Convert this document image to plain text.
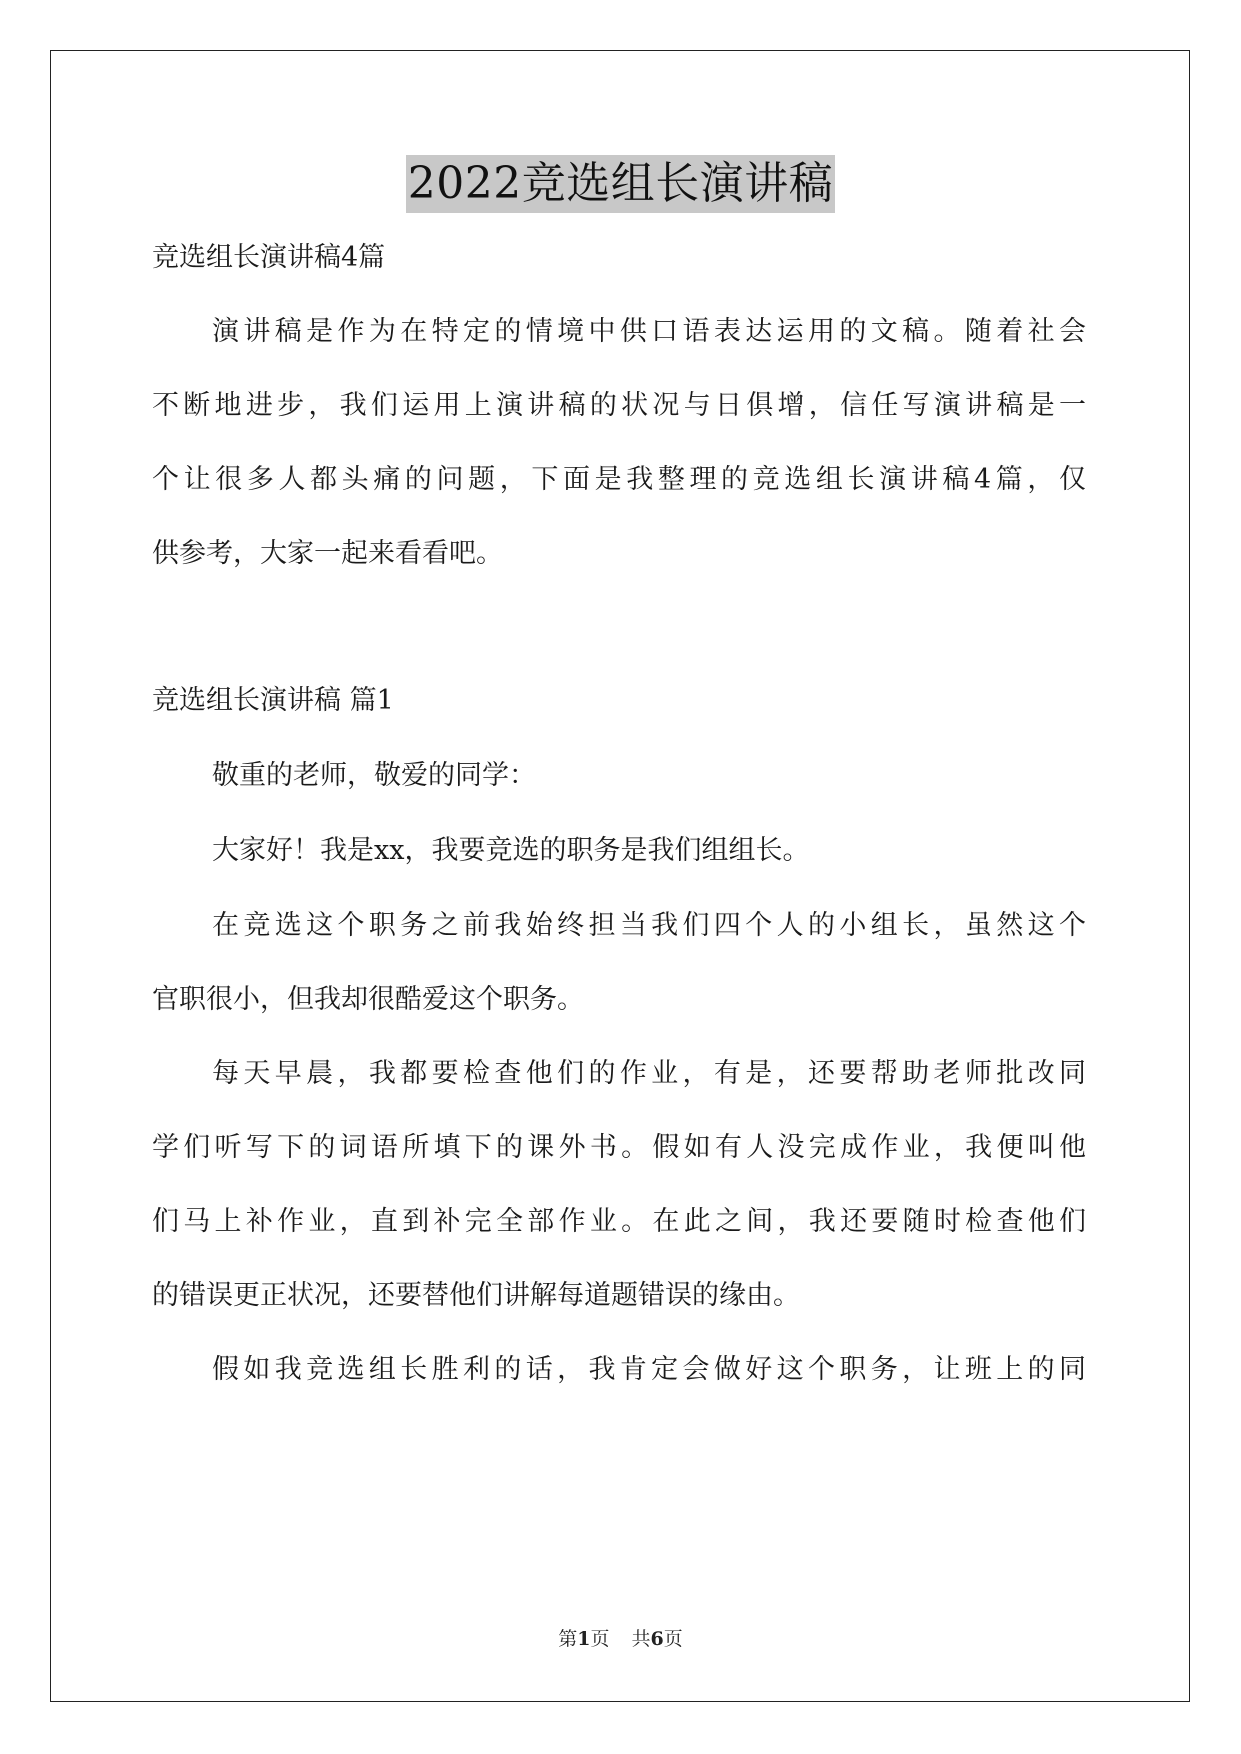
2022竞选组长演讲稿
竞选组长演讲稿4篇
演讲稿是作为在特定的情境中供口语表达运用的文稿。随着社会
不断地进步，我们运用上演讲稿的状况与日俱增，信任写演讲稿是一
个让很多人都头痛的问题，下面是我整理的竞选组长演讲稿4篇，仅
供参考，大家一起来看看吧。
竞选组长演讲稿 篇1
敬重的老师，敬爱的同学：
大家好！我是xx，我要竞选的职务是我们组组长。
在竞选这个职务之前我始终担当我们四个人的小组长，虽然这个
官职很小，但我却很酷爱这个职务。
每天早晨，我都要检查他们的作业，有是，还要帮助老师批改同
学们听写下的词语所填下的课外书。假如有人没完成作业，我便叫他
们马上补作业，直到补完全部作业。在此之间，我还要随时检查他们
的错误更正状况，还要替他们讲解每道题错误的缘由。
假如我竞选组长胜利的话，我肯定会做好这个职务，让班上的同
第1页 共6页
